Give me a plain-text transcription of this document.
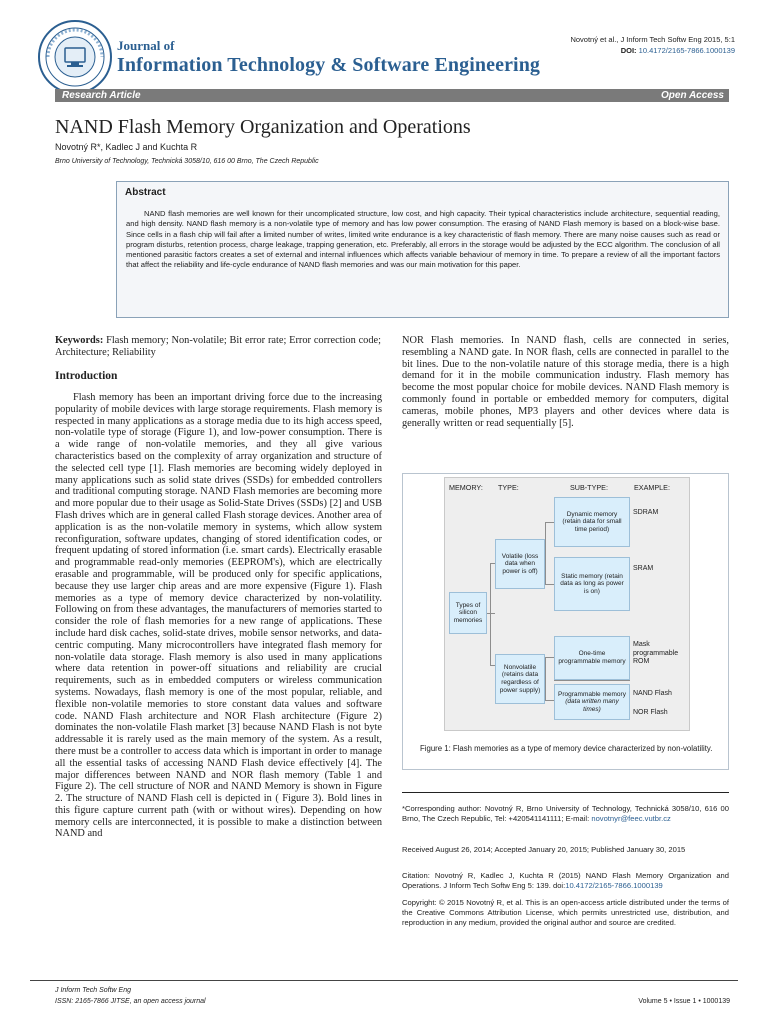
Journal of
Information Technology & Software Engineering
Novotný et al., J Inform Tech Softw Eng 2015, 5:1
DOI: 10.4172/2165-7866.1000139
Research Article	Open Access
NAND Flash Memory Organization and Operations
Novotný R*, Kadlec J and Kuchta R
Brno University of Technology, Technická 3058/10, 616 00 Brno, The Czech Republic
Abstract
NAND flash memories are well known for their uncomplicated structure, low cost, and high capacity. Their typical characteristics include architecture, sequential reading, and high density. NAND flash memory is a non-volatile type of memory and has low power consumption. The erasing of NAND Flash memory is based on a block-wise base. Since cells in a flash chip will fail after a limited number of writes, limited write endurance is a key characteristic of flash memory. There are many noise causes such as read or program disturbs, retention process, charge leakage, trapping generation, etc. Preferably, all errors in the storage would be adjusted by the ECC algorithm. The conclusion of all mentioned parasitic factors creates a set of external and internal influences which affects variable behaviour of memory in time. To prepare a review of all the important factors that affect the reliability and life-cycle endurance of NAND flash memories and was our main motivation for this paper.
Keywords: Flash memory; Non-volatile; Bit error rate; Error correction code; Architecture; Reliability
Introduction
Flash memory has been an important driving force due to the increasing popularity of mobile devices with large storage requirements. Flash memory is respected in many applications as a storage media due to its high access speed, non-volatile type of storage (Figure 1), and low-power consumption. There is a wide range of non-volatile memories, and they all give various characteristics based on the complexity of array organization and structure of the selected cell type [1]. Flash memories are becoming widely deployed in many applications such as solid state drives (SSDs) for embedded controllers and traditional computing storage. NAND Flash memories are becoming more and more popular due to their usage as Solid-State Drives (SSDs) [2] and USB Flash drives which are in general called Flash storage devices. Another area of application is as the non-volatile memory in systems, which allow system reconfiguration, software updates, changing of stored identification codes, or frequent updating of stored information (i.e. smart cards). Electrically erasable and programmable read-only memories (EEPROM's), which are electrically erasable and programmable, will be produced only for specific applications, because they use larger chip areas and are more expensive (Figure 1). Flash memories as a type of memory device characterized by non-volatility. Following on from these advantages, the manufacturers of memories started to consider the role of flash memories for a new range of applications. These include hard disk caches, solid-state drives, mobile sensor networks, and data-centric computing. Many microcontrollers have integrated flash memory for non-volatile data storage. Flash memory is also used in many applications where data retention in power-off situations and reliability are crucial requirements, such as in embedded computers or wireless communication systems. Nowadays, flash memory is one of the most popular, reliable, and flexible non-volatile memories to store constant data values and software code. NAND Flash architecture and NOR Flash architecture (Figure 2) dominates the non-volatile Flash market [3] because NAND Flash is not byte addressable it is rarely used as the main memory of the system. As a result, there must be a controller to access data which is important in order to manage all the essential tasks of accessing NAND Flash device effectively [4]. The major differences between NAND and NOR flash memory (Table 1 and Figure 2). The cell structure of NOR and NAND Memory is shown in Figure 2. The structure of NAND Flash cell is depicted in ( Figure 3). Bold lines in this figure capture current path (with or without wires). Depending on how memory cells are interconnected, it is possible to make a distinction between NAND and
NOR Flash memories. In NAND flash, cells are connected in series, resembling a NAND gate. In NOR flash, cells are connected in parallel to the bit lines. Due to the non-volatile nature of this storage media, there is a high demand for it in the mobile communication industry. Flash memory has become the most popular choice for mobile devices. NAND Flash memory is commonly found in portable or embedded memory for computers, digital cameras, mobile phones, MP3 players and other devices where data is generally written or read sequentially [5].
MEMORY: TYPE:	SUB-TYPE:	EXAMPLE:
Types of silicon memories
Volatile (loss data when power is off)
Nonvolatile (retains data regardless of power supply)
Dynamic memory (retain data for small time period)
Static memory (retain data as long as power is on)
One-time programmable memory
Programmable memory
(data written many times)
SDRAM
SRAM
Mask programmable ROM
NAND Flash
NOR Flash
Figure 1: Flash memories as a type of memory device characterized by non-volatility.
*Corresponding author: Novotný R, Brno University of Technology, Technická 3058/10, 616 00 Brno, The Czech Republic, Tel: +420541141111; E-mail: novotnyr@feec.vutbr.cz
Received August 26, 2014; Accepted January 20, 2015; Published January 30, 2015
Citation: Novotný R, Kadlec J, Kuchta R (2015) NAND Flash Memory Organization and Operations. J Inform Tech Softw Eng 5: 139. doi:10.4172/2165-7866.1000139
Copyright: © 2015 Novotný R, et al. This is an open-access article distributed under the terms of the Creative Commons Attribution License, which permits unrestricted use, distribution, and reproduction in any medium, provided the original author and source are credited.
J Inform Tech Softw Eng
ISSN: 2165-7866 JITSE, an open access journal	Volume 5 • Issue 1 • 1000139
